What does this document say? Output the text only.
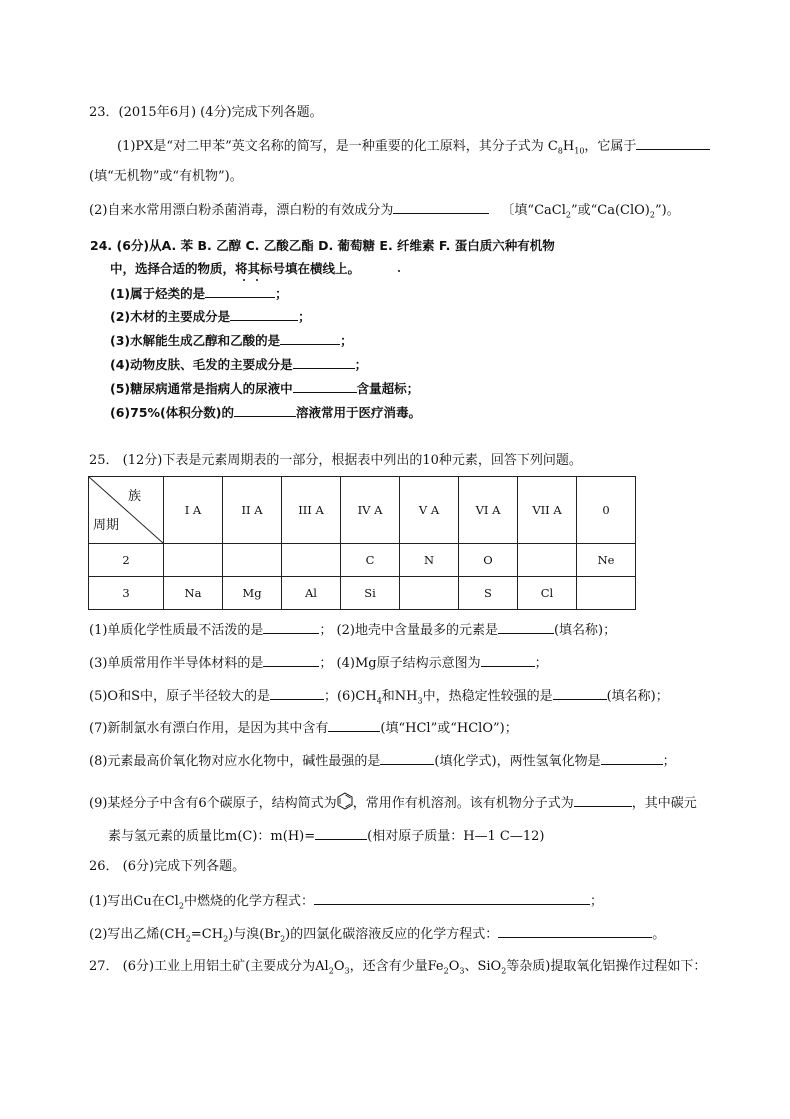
23．(2015年6月) (4分)完成下列各题。
(1)PX是“对二甲苯”英文名称的简写，是一种重要的化工原料，其分子式为 $C_8H_{10}$，它属于
(填“无机物”或“有机物”)。
(2)自来水常用漂白粉杀菌消毒，漂白粉的有效成分为	〔填“CaCl$_2$”或“$Ca(ClO)_2$”)。
24. (6分)从A. 苯 B. 乙醇 C. 乙酸乙酯 D. 葡萄糖 E. 纤维素 F. 蛋白质六种有机物
中，选择合适的物质，将其标号填在横线上。
(1)属于烃类的是	；
(2)木材的主要成分是	；
(3)水解能生成乙醇和乙酸的是	；
(4)动物皮肤、毛发的主要成分是	；
(5)糖尿病通常是指病人的尿液中	含量超标；
(6)75%(体积分数)的	溶液常用于医疗消毒。
25． (12分)下表是元素周期表的一部分，根据表中列出的10种元素，回答下列问题。
族
周期	I A	II A	III A	IV A	V A	VI A	VII A	0
2				C	N	O		Ne
3	Na	Mg	Al	Si		S	Cl	
(1)单质化学性质最不活泼的是	； (2)地壳中含量最多的元素是	(填名称)；
(3)单质常用作半导体材料的是	； (4)Mg原子结构示意图为	；
(5)O和S中，原子半径较大的是	；$(6)CH_4$和$NH_3$中，热稳定性较强的是	(填名称)；
(7)新制氯水有漂白作用，是因为其中含有	(填“HCl”或“HClO”)；
(8)元素最高价氧化物对应水化物中，碱性最强的是	(填化学式)，两性氢氧化物是	；
(9)某烃分子中含有6个碳原子，结构简式为 ，常用作有机溶剂。该有机物分子式为	，其中碳元
素与氢元素的质量比m(C)：m(H)=	(相对原子质量：H—1 C—12)
26． (6分)完成下列各题。
(1)写出Cu在$Cl_2$中燃烧的化学方程式：	；
(2)写出乙烯$(CH_2=CH_2)$与溴$(Br_2)$的四氯化碳溶液反应的化学方程式：	。
27． (6分)工业上用铝土矿(主要成分为$Al_2O_3$，还含有少量$Fe_2O_3$、SiO$_2$等杂质)提取氧化铝操作过程如下：
